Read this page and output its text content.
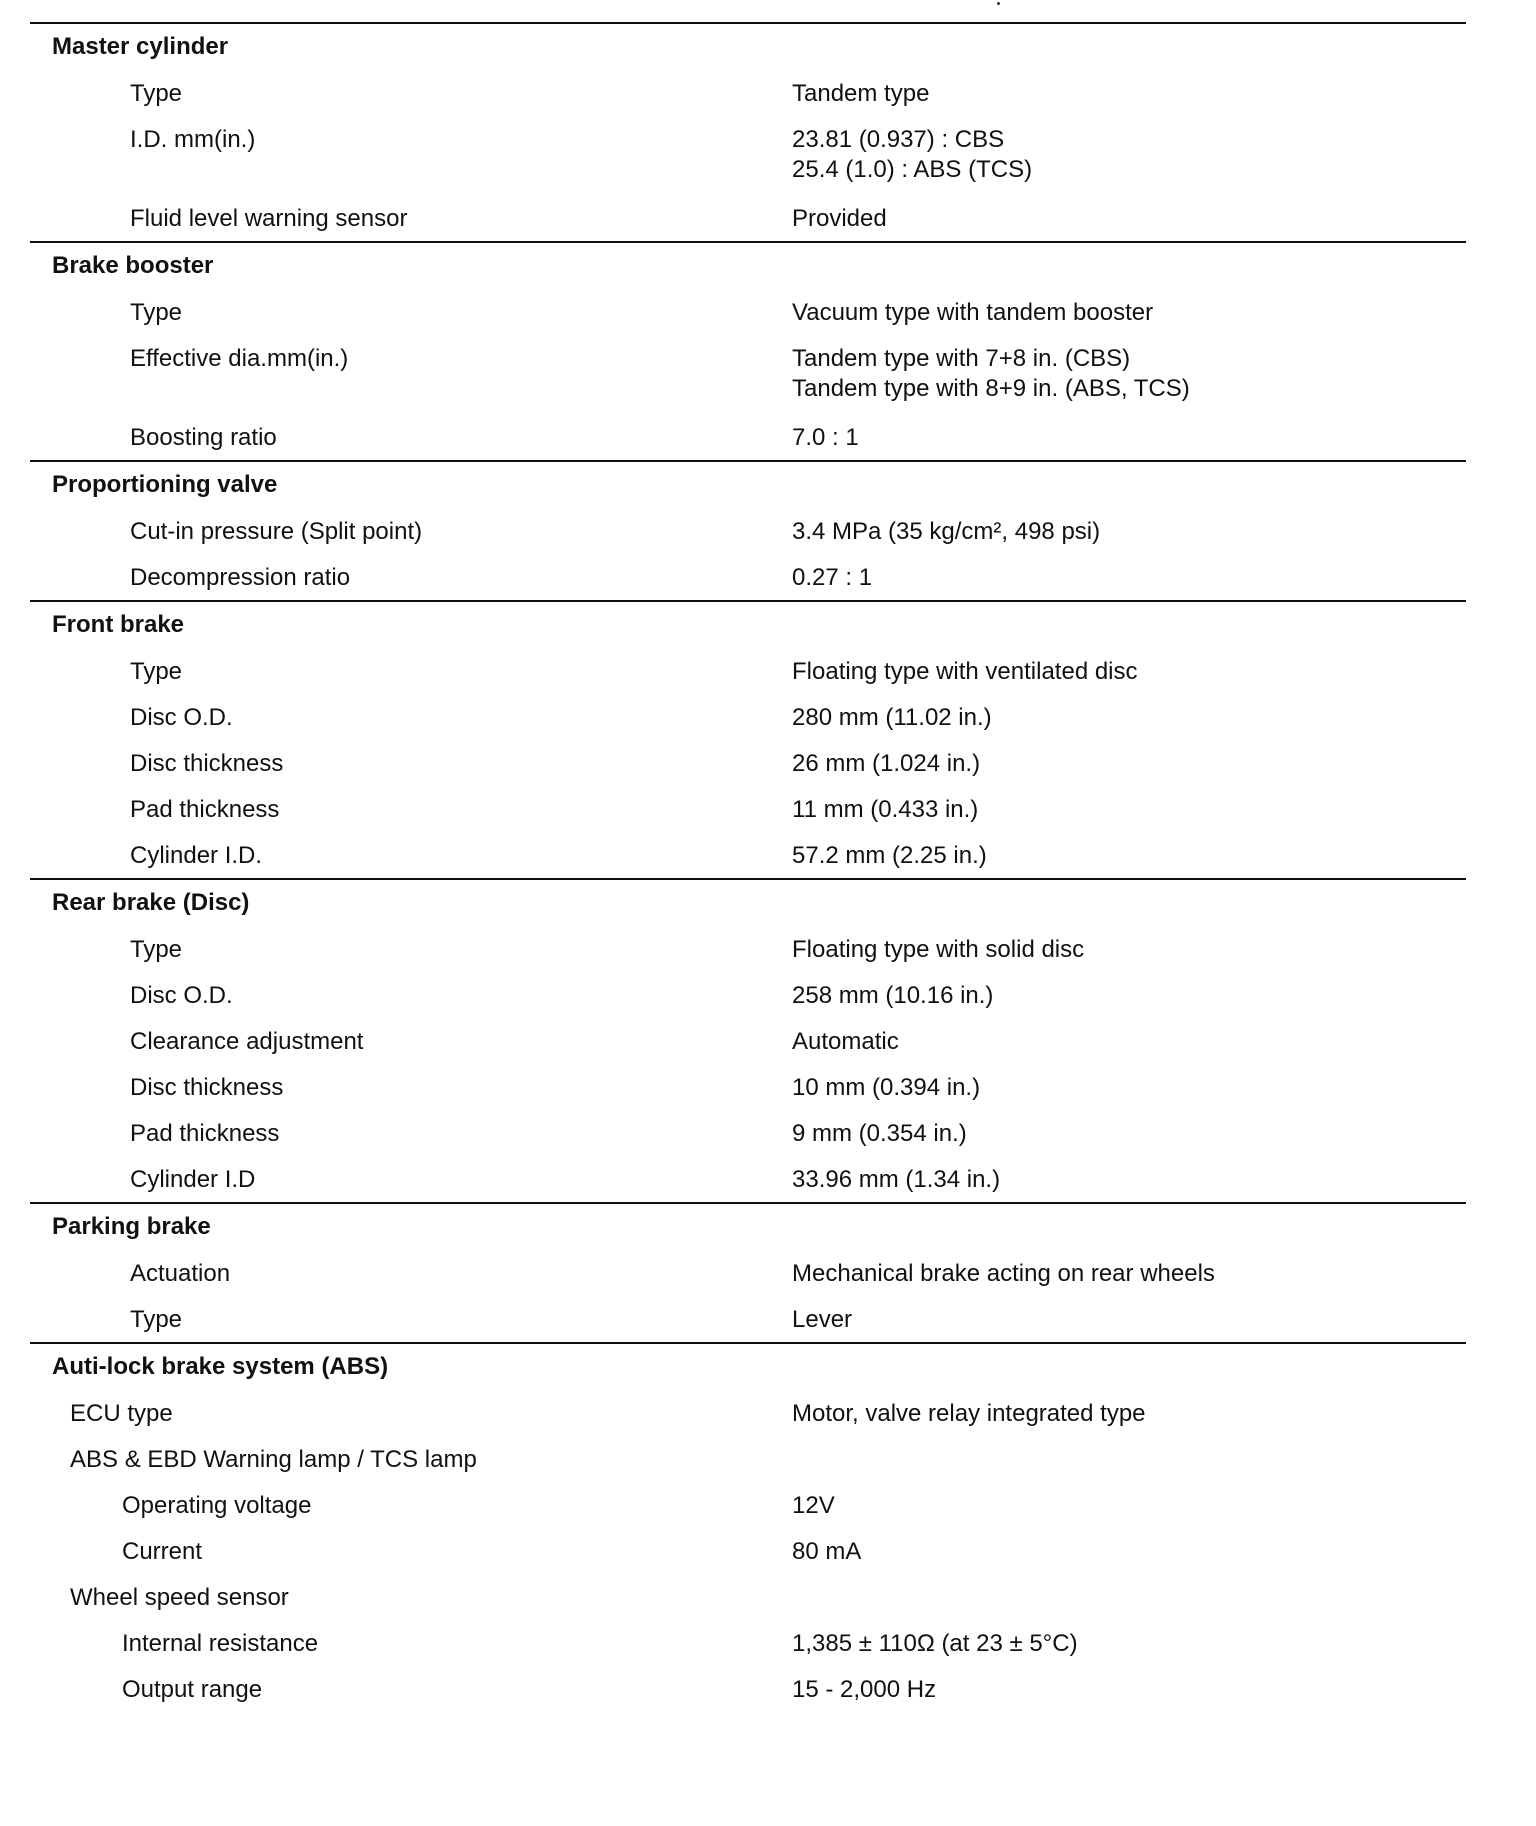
Master cylinder
Type	Tandem type
I.D. mm(in.)	23.81 (0.937) : CBS
25.4 (1.0) : ABS (TCS)
Fluid level warning sensor	Provided
Brake booster
Type	Vacuum type with tandem booster
Effective dia.mm(in.)	Tandem type with 7+8 in. (CBS)
Tandem type with 8+9 in. (ABS, TCS)
Boosting ratio	7.0 : 1
Proportioning valve
Cut-in pressure (Split point)	3.4 MPa (35 kg/cm², 498 psi)
Decompression ratio	0.27 : 1
Front brake
Type	Floating type with ventilated disc
Disc O.D.	280 mm (11.02 in.)
Disc thickness	26 mm (1.024 in.)
Pad thickness	11 mm (0.433 in.)
Cylinder I.D.	57.2 mm (2.25 in.)
Rear brake (Disc)
Type	Floating type with solid disc
Disc O.D.	258 mm (10.16 in.)
Clearance adjustment	Automatic
Disc thickness	10 mm (0.394 in.)
Pad thickness	9 mm (0.354 in.)
Cylinder I.D	33.96 mm (1.34 in.)
Parking brake
Actuation	Mechanical brake acting on rear wheels
Type	Lever
Auti-lock brake system (ABS)
ECU type	Motor, valve relay integrated type
ABS & EBD Warning lamp / TCS lamp
Operating voltage	12V
Current	80 mA
Wheel speed sensor
Internal resistance	1,385 ± 110Ω (at 23 ± 5°C)
Output range	15 - 2,000 Hz
